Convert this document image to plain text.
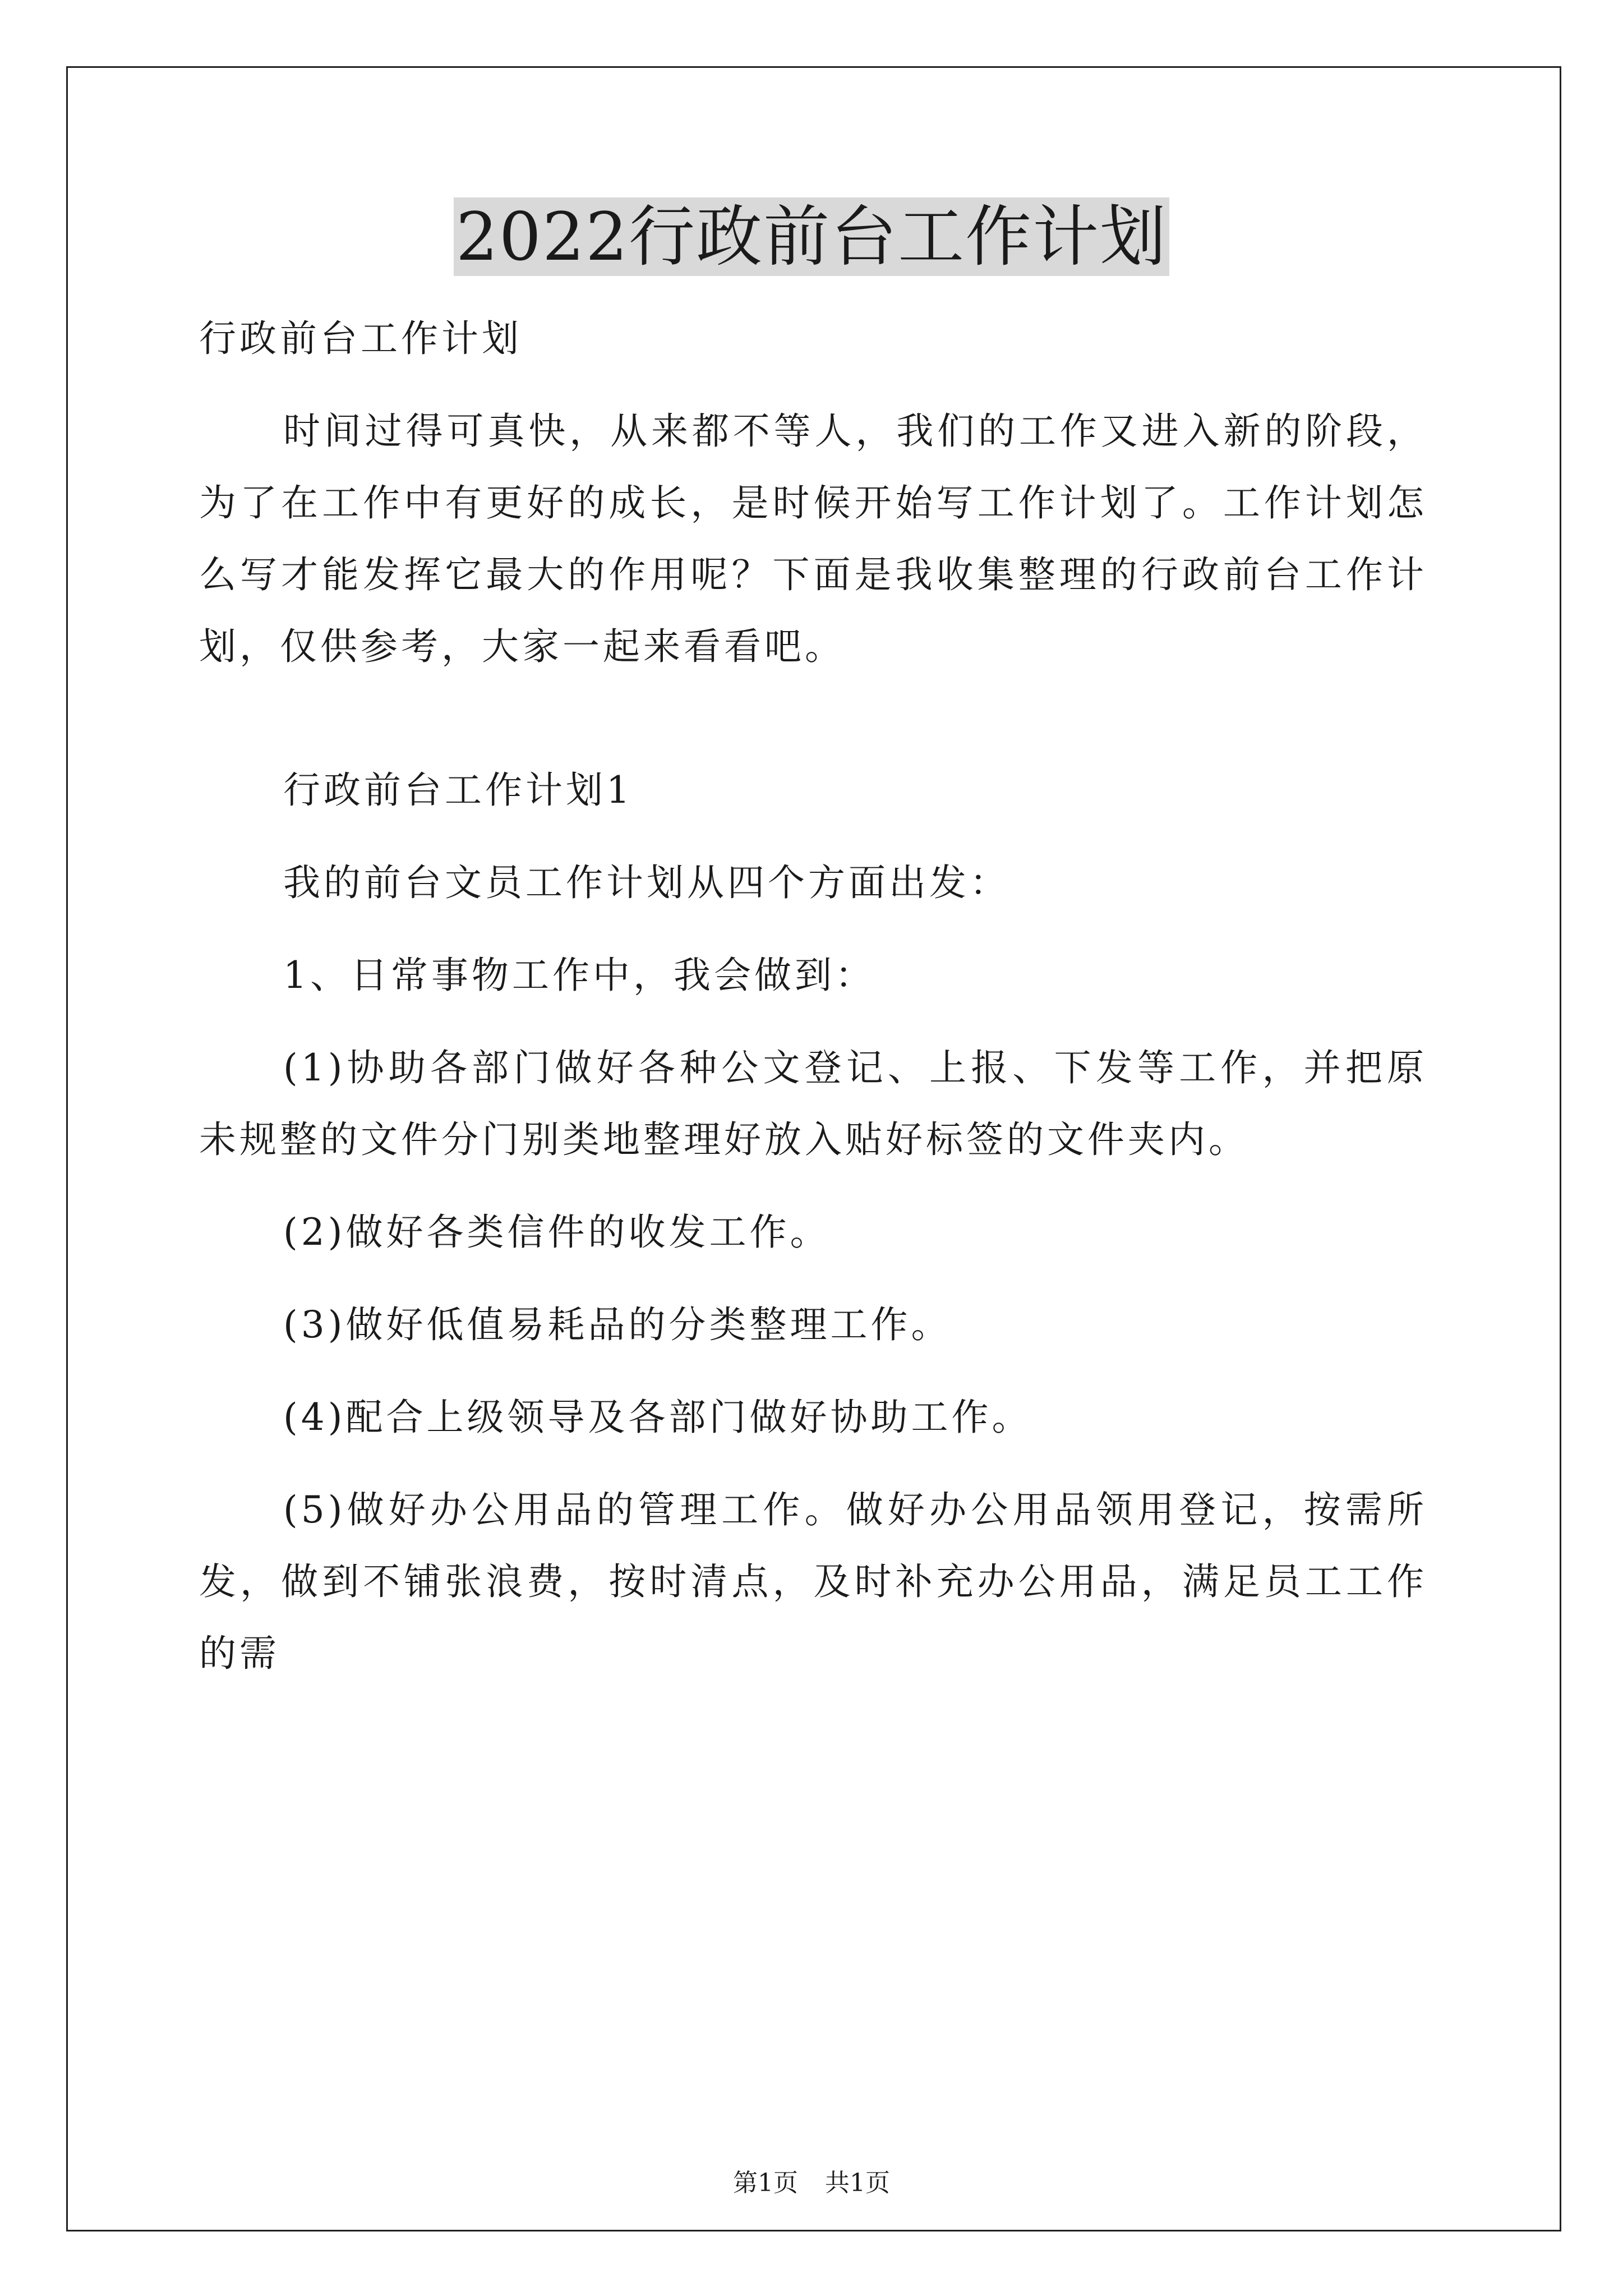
2022行政前台工作计划

行政前台工作计划

时间过得可真快，从来都不等人，我们的工作又进入新的阶段，为了在工作中有更好的成长，是时候开始写工作计划了。工作计划怎么写才能发挥它最大的作用呢？下面是我收集整理的行政前台工作计划，仅供参考，大家一起来看看吧。

行政前台工作计划1

我的前台文员工作计划从四个方面出发：

1、日常事物工作中，我会做到：

(1)协助各部门做好各种公文登记、上报、下发等工作，并把原未规整的文件分门别类地整理好放入贴好标签的文件夹内。

(2)做好各类信件的收发工作。

(3)做好低值易耗品的分类整理工作。

(4)配合上级领导及各部门做好协助工作。

(5)做好办公用品的管理工作。做好办公用品领用登记，按需所发，做到不铺张浪费，按时清点，及时补充办公用品，满足员工工作的需

第1页 共1页
